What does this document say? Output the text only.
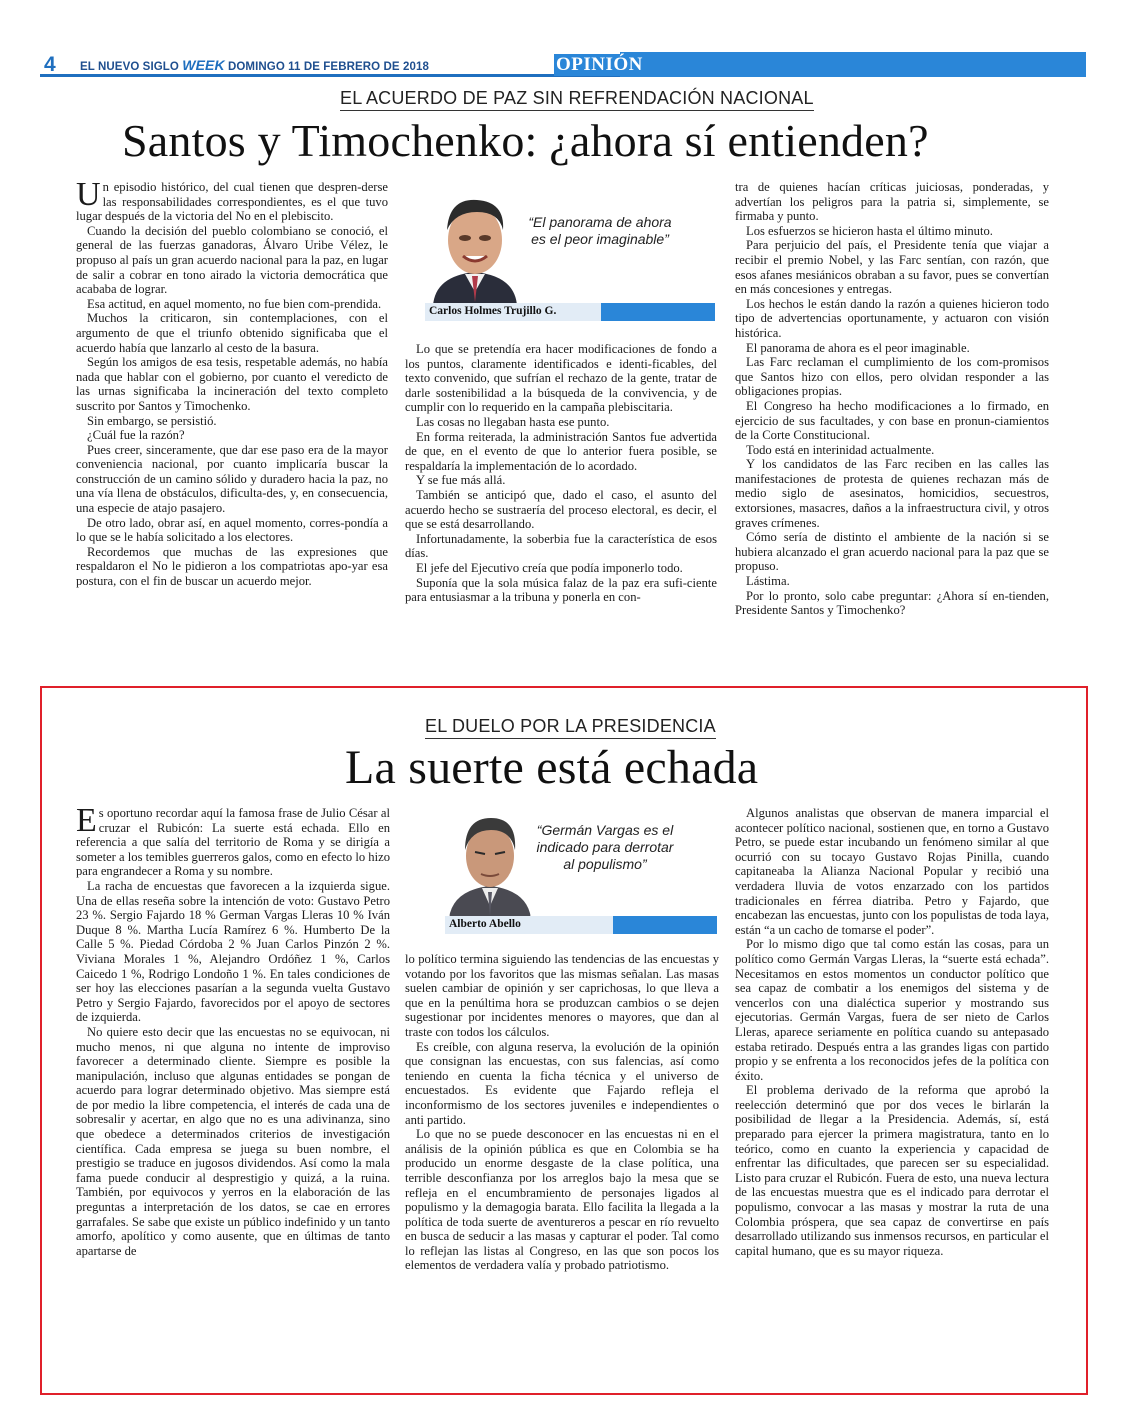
4 EL NUEVO SIGLO WEEK DOMINGO 11 DE FEBRERO DE 2018	OPINIÓN
EL ACUERDO DE PAZ SIN REFRENDACIÓN NACIONAL
Santos y Timochenko: ¿ahora sí entienden?

Un episodio histórico, del cual tienen que despren-derse las responsabilidades correspondientes, es el que tuvo lugar después de la victoria del No en el plebiscito.

Cuando la decisión del pueblo colombiano se conoció, el general de las fuerzas ganadoras, Álvaro Uribe Vélez, le propuso al país un gran acuerdo nacional para la paz, en lugar de salir a cobrar en tono airado la victoria democrática que acababa de lograr.

Esa actitud, en aquel momento, no fue bien com-prendida.

Muchos la criticaron, sin contemplaciones, con el argumento de que el triunfo obtenido significaba que el acuerdo había que lanzarlo al cesto de la basura.

Según los amigos de esa tesis, respetable además, no había nada que hablar con el gobierno, por cuanto el veredicto de las urnas significaba la incineración del texto completo suscrito por Santos y Timochenko.

Sin embargo, se persistió.

¿Cuál fue la razón?

Pues creer, sinceramente, que dar ese paso era de la mayor conveniencia nacional, por cuanto implicaría buscar la construcción de un camino sólido y duradero hacia la paz, no una vía llena de obstáculos, dificulta-des, y, en consecuencia, una especie de atajo pasajero.

De otro lado, obrar así, en aquel momento, corres-pondía a lo que se le había solicitado a los electores.

Recordemos que muchas de las expresiones que respaldaron el No le pidieron a los compatriotas apo-yar esa postura, con el fin de buscar un acuerdo mejor.

“El panorama de ahora es el peor imaginable”
Carlos Holmes Trujillo G.

Lo que se pretendía era hacer modificaciones de fondo a los puntos, claramente identificados e identi-ficables, del texto convenido, que sufrían el rechazo de la gente, tratar de darle sostenibilidad a la búsqueda de la convivencia, y de cumplir con lo requerido en la campaña plebiscitaria.

Las cosas no llegaban hasta ese punto.

En forma reiterada, la administración Santos fue advertida de que, en el evento de que lo anterior fuera posible, se respaldaría la implementación de lo acordado.

Y se fue más allá.

También se anticipó que, dado el caso, el asunto del acuerdo hecho se sustraería del proceso electoral, es decir, el que se está desarrollando.

Infortunadamente, la soberbia fue la característica de esos días.

El jefe del Ejecutivo creía que podía imponerlo todo.

Suponía que la sola música falaz de la paz era sufi-ciente para entusiasmar a la tribuna y ponerla en con-

tra de quienes hacían críticas juiciosas, ponderadas, y advertían los peligros para la patria si, simplemente, se firmaba y punto.

Los esfuerzos se hicieron hasta el último minuto.

Para perjuicio del país, el Presidente tenía que viajar a recibir el premio Nobel, y las Farc sentían, con razón, que esos afanes mesiánicos obraban a su favor, pues se convertían en más concesiones y entregas.

Los hechos le están dando la razón a quienes hicieron todo tipo de advertencias oportunamente, y actuaron con visión histórica.

El panorama de ahora es el peor imaginable.

Las Farc reclaman el cumplimiento de los com-promisos que Santos hizo con ellos, pero olvidan responder a las obligaciones propias.

El Congreso ha hecho modificaciones a lo firmado, en ejercicio de sus facultades, y con base en pronun-ciamientos de la Corte Constitucional.

Todo está en interinidad actualmente.

Y los candidatos de las Farc reciben en las calles las manifestaciones de protesta de quienes rechazan más de medio siglo de asesinatos, homicidios, secuestros, extorsiones, masacres, daños a la infraestructura civil, y otros graves crímenes.

Cómo sería de distinto el ambiente de la nación si se hubiera alcanzado el gran acuerdo nacional para la paz que se propuso.

Lástima.

Por lo pronto, solo cabe preguntar: ¿Ahora sí en-tienden, Presidente Santos y Timochenko?

EL DUELO POR LA PRESIDENCIA
La suerte está echada

Es oportuno recordar aquí la famosa frase de Julio César al cruzar el Rubicón: La suerte está echada. Ello en referencia a que salía del territorio de Roma y se dirigía a someter a los temibles guerreros galos, como en efecto lo hizo para engrandecer a Roma y su nombre.

La racha de encuestas que favorecen a la izquierda sigue. Una de ellas reseña sobre la intención de voto: Gustavo Petro 23 %. Sergio Fajardo 18 % German Vargas Lleras 10 % Iván Duque 8 %. Martha Lucía Ramírez 6 %. Humberto De la Calle 5 %. Piedad Córdoba 2 % Juan Carlos Pinzón 2 %. Viviana Morales 1 %, Alejandro Ordóñez 1 %, Carlos Caicedo 1 %, Rodrigo Londoño 1 %. En tales condiciones de ser hoy las elecciones pasarían a la segunda vuelta Gustavo Petro y Sergio Fajardo, favorecidos por el apoyo de sectores de izquierda.

No quiere esto decir que las encuestas no se equivocan, ni mucho menos, ni que alguna no intente de improviso favorecer a determinado cliente. Siempre es posible la manipulación, incluso que algunas entidades se pongan de acuerdo para lograr determinado objetivo. Mas siempre está de por medio la libre competencia, el interés de cada una de sobresalir y acertar, en algo que no es una adivinanza, sino que obedece a determinados criterios de investigación científica. Cada empresa se juega su buen nombre, el prestigio se traduce en jugosos dividendos. Así como la mala fama puede conducir al desprestigio y quizá, a la ruina. También, por equivocos y yerros en la elaboración de las preguntas a interpretación de los datos, se cae en errores garrafales. Se sabe que existe un público indefinido y un tanto amorfo, apolítico y como ausente, que en últimas de tanto apartarse de

“Germán Vargas es el indicado para derrotar al populismo”
Alberto Abello

lo político termina siguiendo las tendencias de las encuestas y votando por los favoritos que las mismas señalan. Las masas suelen cambiar de opinión y ser caprichosas, lo que lleva a que en la penúltima hora se produzcan cambios o se dejen sugestionar por incidentes menores o mayores, que dan al traste con todos los cálculos.

Es creíble, con alguna reserva, la evolución de la opinión que consignan las encuestas, con sus falencias, así como teniendo en cuenta la ficha técnica y el universo de encuestados. Es evidente que Fajardo refleja el inconformismo de los sectores juveniles e independientes o anti partido.

Lo que no se puede desconocer en las encuestas ni en el análisis de la opinión pública es que en Colombia se ha producido un enorme desgaste de la clase política, una terrible desconfianza por los arreglos bajo la mesa que se refleja en el encumbramiento de personajes ligados al populismo y la demagogia barata. Ello facilita la llegada a la política de toda suerte de aventureros a pescar en río revuelto en busca de seducir a las masas y capturar el poder. Tal como lo reflejan las listas al Congreso, en las que son pocos los elementos de verdadera valía y probado patriotismo.

Algunos analistas que observan de manera imparcial el acontecer político nacional, sostienen que, en torno a Gustavo Petro, se puede estar incubando un fenómeno similar al que ocurrió con su tocayo Gustavo Rojas Pinilla, cuando capitaneaba la Alianza Nacional Popular y recibió una verdadera lluvia de votos enzarzado con los partidos tradicionales en férrea diatriba. Petro y Fajardo, que encabezan las encuestas, junto con los populistas de toda laya, están “a un cacho de tomarse el poder”.

Por lo mismo digo que tal como están las cosas, para un político como Germán Vargas Lleras, la “suerte está echada”. Necesitamos en estos momentos un conductor político que sea capaz de combatir a los enemigos del sistema y de vencerlos con una dialéctica superior y mostrando sus ejecutorias. Germán Vargas, fuera de ser nieto de Carlos Lleras, aparece seriamente en política cuando su antepasado estaba retirado. Después entra a las grandes ligas con partido propio y se enfrenta a los reconocidos jefes de la política con éxito.

El problema derivado de la reforma que aprobó la reelección determinó que por dos veces le birlarán la posibilidad de llegar a la Presidencia. Además, sí, está preparado para ejercer la primera magistratura, tanto en lo teórico, como en cuanto la experiencia y capacidad de enfrentar las dificultades, que parecen ser su especialidad. Listo para cruzar el Rubicón. Fuera de esto, una nueva lectura de las encuestas muestra que es el indicado para derrotar el populismo, convocar a las masas y mostrar la ruta de una Colombia próspera, que sea capaz de convertirse en país desarrollado utilizando sus inmensos recursos, en particular el capital humano, que es su mayor riqueza.
